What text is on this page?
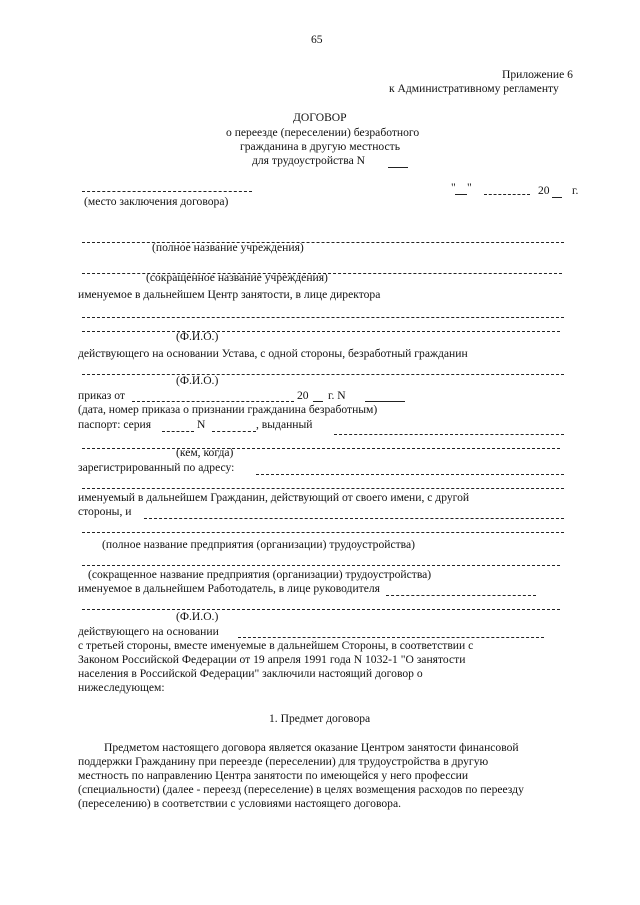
65
Приложение 6
к Административному регламенту
ДОГОВОР
о переезде (переселении) безработного
гражданина в другую местность
для трудоустройства N
" "	20 г.
(место заключения договора)
(полное название учреждения)
(сокращенное название учреждения)
именуемое в дальнейшем Центр занятости, в лице директора
(Ф.И.О.)
действующего на основании Устава, с одной стороны, безработный гражданин
(Ф.И.О.)
приказ от	20 г. N
(дата, номер приказа о признании гражданина безработным)
паспорт: серия	N	, выданный
(кем, когда)
зарегистрированный по адресу:
именуемый в дальнейшем Гражданин, действующий от своего имени, с другой
стороны, и
(полное название предприятия (организации) трудоустройства)
(сокращенное название предприятия (организации) трудоустройства)
именуемое в дальнейшем Работодатель, в лице руководителя
(Ф.И.О.)
действующего на основании
с третьей стороны, вместе именуемые в дальнейшем Стороны, в соответствии с
Законом Российской Федерации от 19 апреля 1991 года N 1032-1 "О занятости
населения в Российской Федерации" заключили настоящий договор о
нижеследующем:
1. Предмет договора
Предметом настоящего договора является оказание Центром занятости финансовой
поддержки Гражданину при переезде (переселении) для трудоустройства в другую
местность по направлению Центра занятости по имеющейся у него профессии
(специальности) (далее - переезд (переселение) в целях возмещения расходов по переезду
(переселению) в соответствии с условиями настоящего договора.
